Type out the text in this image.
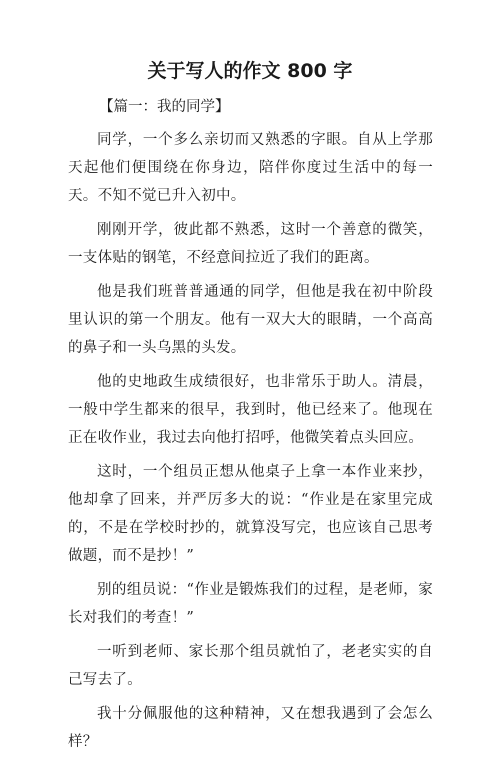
关于写人的作文 800 字

【篇一：我的同学】

同学，一个多么亲切而又熟悉的字眼。自从上学那天起他们便围绕在你身边，陪伴你度过生活中的每一天。不知不觉已升入初中。

刚刚开学，彼此都不熟悉，这时一个善意的微笑，一支体贴的钢笔，不经意间拉近了我们的距离。

他是我们班普普通通的同学，但他是我在初中阶段里认识的第一个朋友。他有一双大大的眼睛，一个高高的鼻子和一头乌黑的头发。

他的史地政生成绩很好，也非常乐于助人。清晨，一般中学生都来的很早，我到时，他已经来了。他现在正在收作业，我过去向他打招呼，他微笑着点头回应。

这时，一个组员正想从他桌子上拿一本作业来抄，他却拿了回来，并严厉多大的说：“作业是在家里完成的，不是在学校时抄的，就算没写完，也应该自己思考做题，而不是抄！”

别的组员说：“作业是锻炼我们的过程，是老师，家长对我们的考查！”

一听到老师、家长那个组员就怕了，老老实实的自己写去了。

我十分佩服他的这种精神，又在想我遇到了会怎么样？
